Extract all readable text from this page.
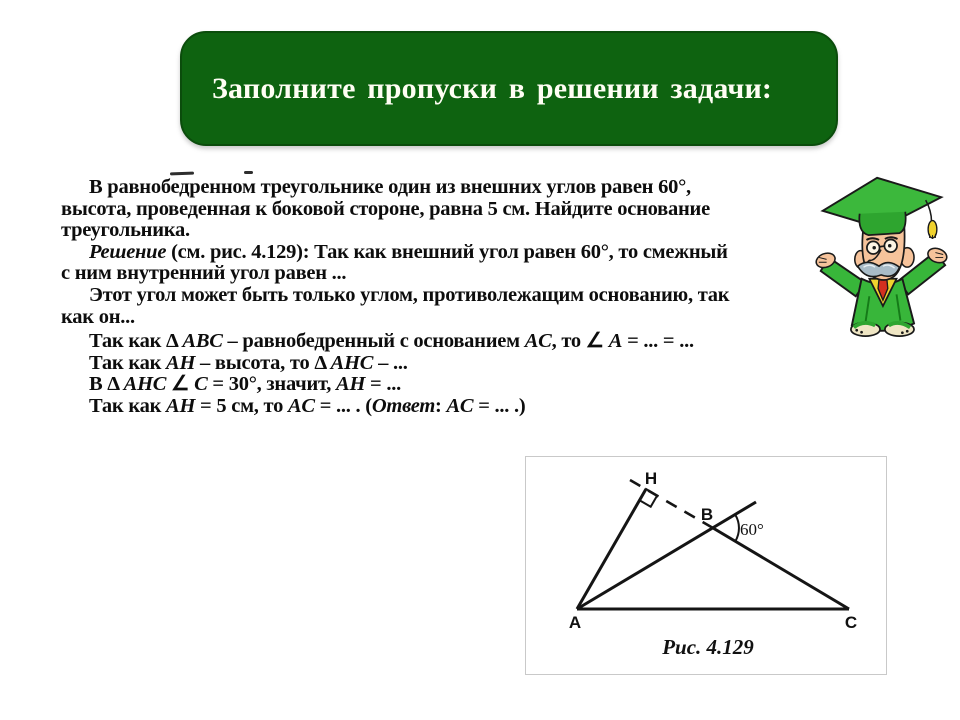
Заполните пропуски в решении задачи:

В равнобедренном треугольнике один из внешних углов равен 60°,

высота, проведенная к боковой стороне, равна 5 см. Найдите основание

треугольника.

Решение (см. рис. 4.129): Так как внешний угол равен 60°, то смежный

с ним внутренний угол равен ...

Этот угол может быть только углом, противолежащим основанию, так

как он...

Так как Δ ABC – равнобедренный с основанием AC, то ∠ A = ... = ...

Так как AH – высота, то Δ AHC – ...

В Δ AHC ∠ C = 30°, значит, AH = ...

Так как AH = 5 см, то AC = ... . (Ответ: AC = ... .)

H
B
A	C
60°
Рис. 4.129
